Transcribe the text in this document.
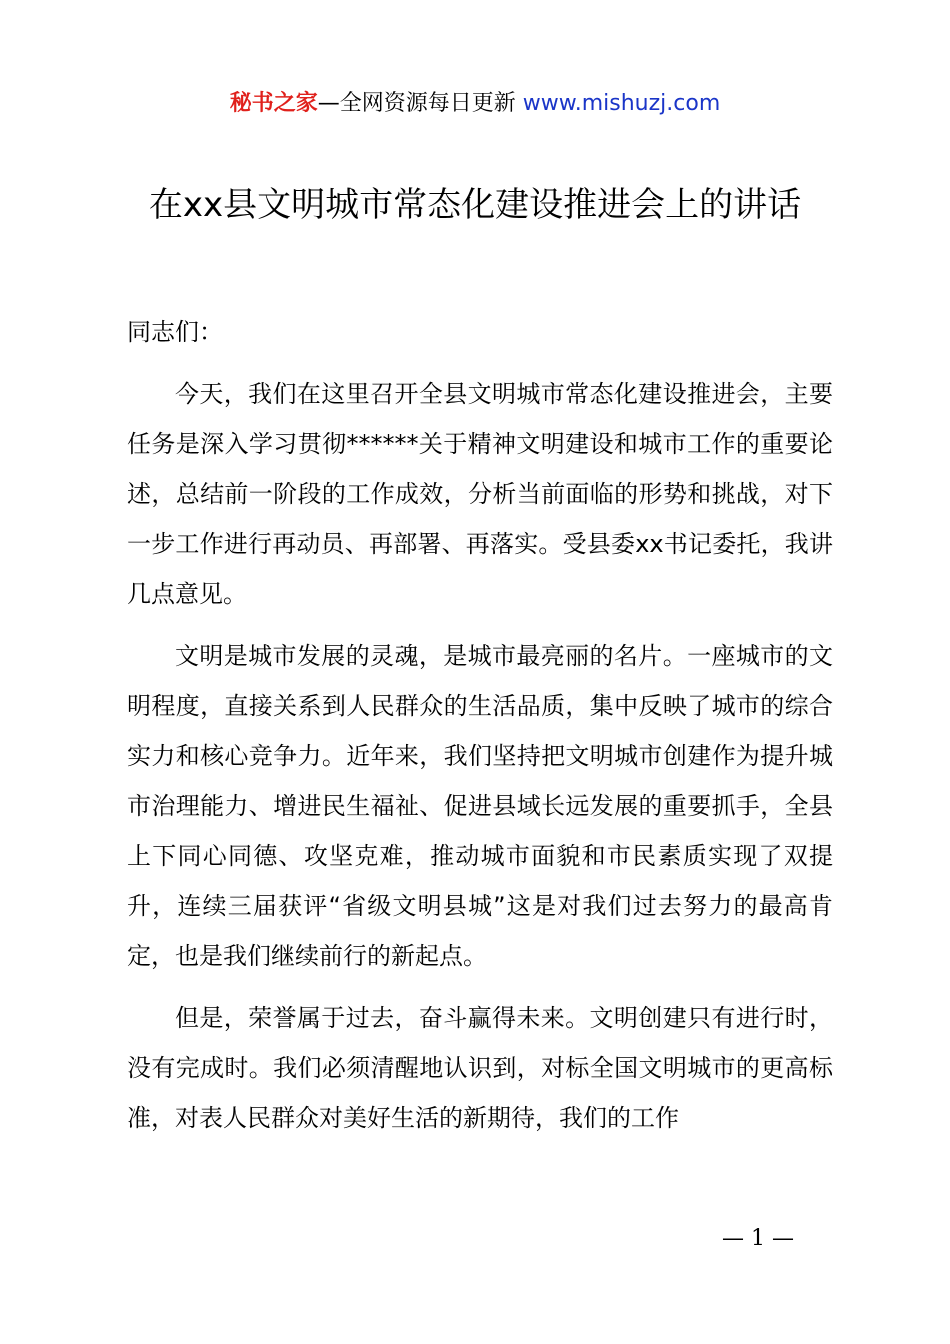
秘书之家—全网资源每日更新 www.mishuzj.com
在xx县文明城市常态化建设推进会上的讲话

同志们：

今天，我们在这里召开全县文明城市常态化建设推进会，主要任务是深入学习贯彻******关于精神文明建设和城市工作的重要论述，总结前一阶段的工作成效，分析当前面临的形势和挑战，对下一步工作进行再动员、再部署、再落实。受县委xx书记委托，我讲几点意见。

文明是城市发展的灵魂，是城市最亮丽的名片。一座城市的文明程度，直接关系到人民群众的生活品质，集中反映了城市的综合实力和核心竞争力。近年来，我们坚持把文明城市创建作为提升城市治理能力、增进民生福祉、促进县域长远发展的重要抓手，全县上下同心同德、攻坚克难，推动城市面貌和市民素质实现了双提升，连续三届获评“省级文明县城”这是对我们过去努力的最高肯定，也是我们继续前行的新起点。

但是，荣誉属于过去，奋斗赢得未来。文明创建只有进行时，没有完成时。我们必须清醒地认识到，对标全国文明城市的更高标准，对表人民群众对美好生活的新期待，我们的工作

— 1 —
